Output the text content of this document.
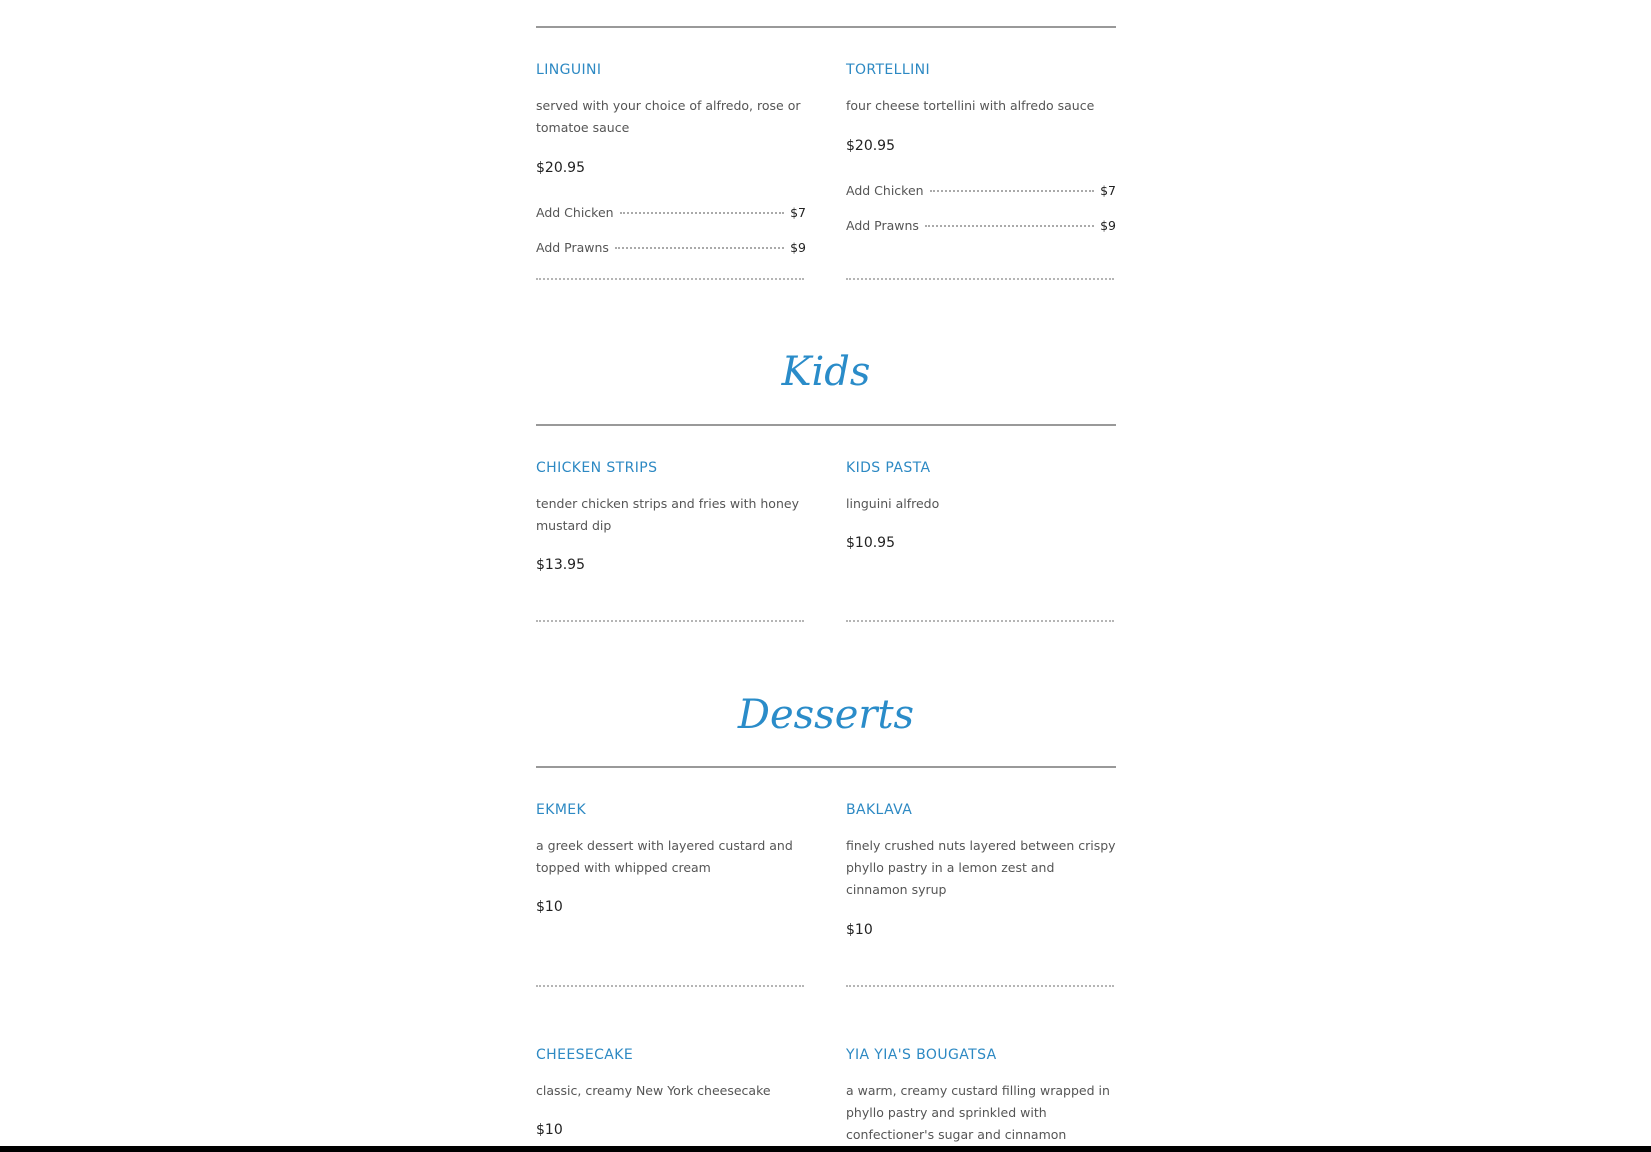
LINGUINI
served with your choice of alfredo, rose or tomatoe sauce
$20.95
Add Chicken	$7
Add Prawns	$9
TORTELLINI
four cheese tortellini with alfredo sauce
$20.95
Add Chicken	$7
Add Prawns	$9
Kids
CHICKEN STRIPS
tender chicken strips and fries with honey mustard dip
$13.95
KIDS PASTA
linguini alfredo
$10.95
Desserts
EKMEK
a greek dessert with layered custard and topped with whipped cream
$10
BAKLAVA
finely crushed nuts layered between crispy phyllo pastry in a lemon zest and cinnamon syrup
$10
CHEESECAKE
classic, creamy New York cheesecake
$10
YIA YIA'S BOUGATSA
a warm, creamy custard filling wrapped in phyllo pastry and sprinkled with confectioner's sugar and cinnamon
